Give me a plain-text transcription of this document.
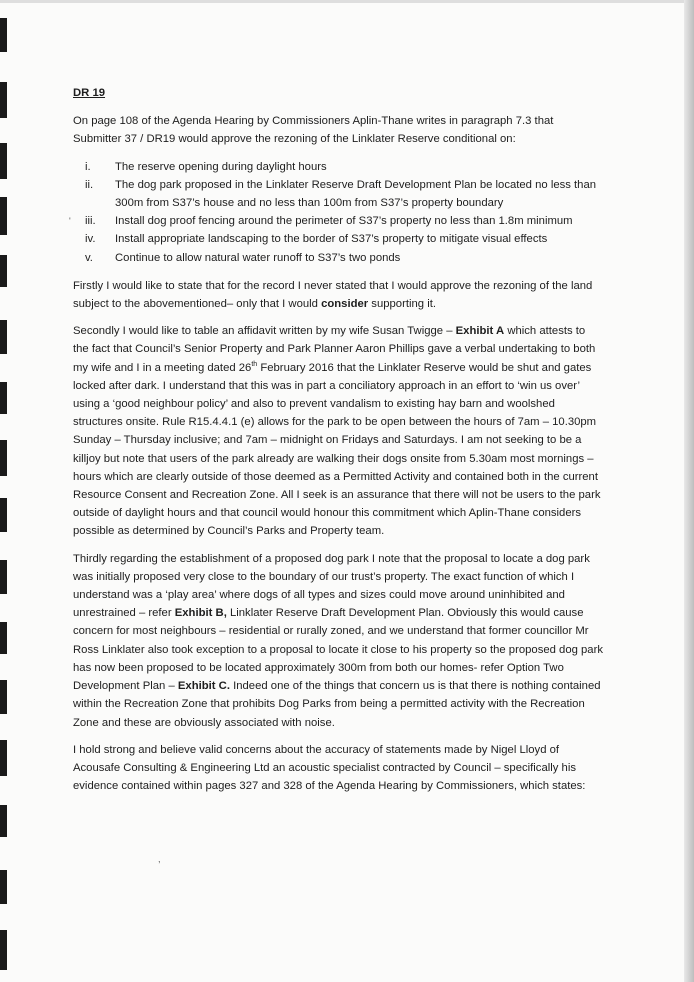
'
,
DR 19

On page 108 of the Agenda Hearing by Commissioners Aplin-Thane writes in paragraph 7.3 that Submitter 37 / DR19 would approve the rezoning of the Linklater Reserve conditional on:

i.	The reserve opening during daylight hours
ii.	The dog park proposed in the Linklater Reserve Draft Development Plan be located no less than 300m from S37’s house and no less than 100m from S37’s property boundary
iii.	Install dog proof fencing around the perimeter of S37’s property no less than 1.8m minimum
iv.	Install appropriate landscaping to the border of S37’s property to mitigate visual effects
v.	Continue to allow natural water runoff to S37’s two ponds

Firstly I would like to state that for the record I never stated that I would approve the rezoning of the land subject to the abovementioned– only that I would consider supporting it.

Secondly I would like to table an affidavit written by my wife Susan Twigge – Exhibit A which attests to the fact that Council’s Senior Property and Park Planner Aaron Phillips gave a verbal undertaking to both my wife and I in a meeting dated 26th February 2016 that the Linklater Reserve would be shut and gates locked after dark. I understand that this was in part a conciliatory approach in an effort to ‘win us over’ using a ‘good neighbour policy’ and also to prevent vandalism to existing hay barn and woolshed structures onsite. Rule R15.4.4.1 (e) allows for the park to be open between the hours of 7am – 10.30pm Sunday – Thursday inclusive; and 7am – midnight on Fridays and Saturdays. I am not seeking to be a killjoy but note that users of the park already are walking their dogs onsite from 5.30am most mornings – hours which are clearly outside of those deemed as a Permitted Activity and contained both in the current Resource Consent and Recreation Zone. All I seek is an assurance that there will not be users to the park outside of daylight hours and that council would honour this commitment which Aplin-Thane considers possible as determined by Council’s Parks and Property team.

Thirdly regarding the establishment of a proposed dog park I note that the proposal to locate a dog park was initially proposed very close to the boundary of our trust’s property. The exact function of which I understand was a ‘play area’ where dogs of all types and sizes could move around uninhibited and unrestrained – refer Exhibit B, Linklater Reserve Draft Development Plan. Obviously this would cause concern for most neighbours – residential or rurally zoned, and we understand that former councillor Mr Ross Linklater also took exception to a proposal to locate it close to his property so the proposed dog park has now been proposed to be located approximately 300m from both our homes- refer Option Two Development Plan – Exhibit C. Indeed one of the things that concern us is that there is nothing contained within the Recreation Zone that prohibits Dog Parks from being a permitted activity with the Recreation Zone and these are obviously associated with noise.

I hold strong and believe valid concerns about the accuracy of statements made by Nigel Lloyd of Acousafe Consulting & Engineering Ltd an acoustic specialist contracted by Council – specifically his evidence contained within pages 327 and 328 of the Agenda Hearing by Commissioners, which states:
